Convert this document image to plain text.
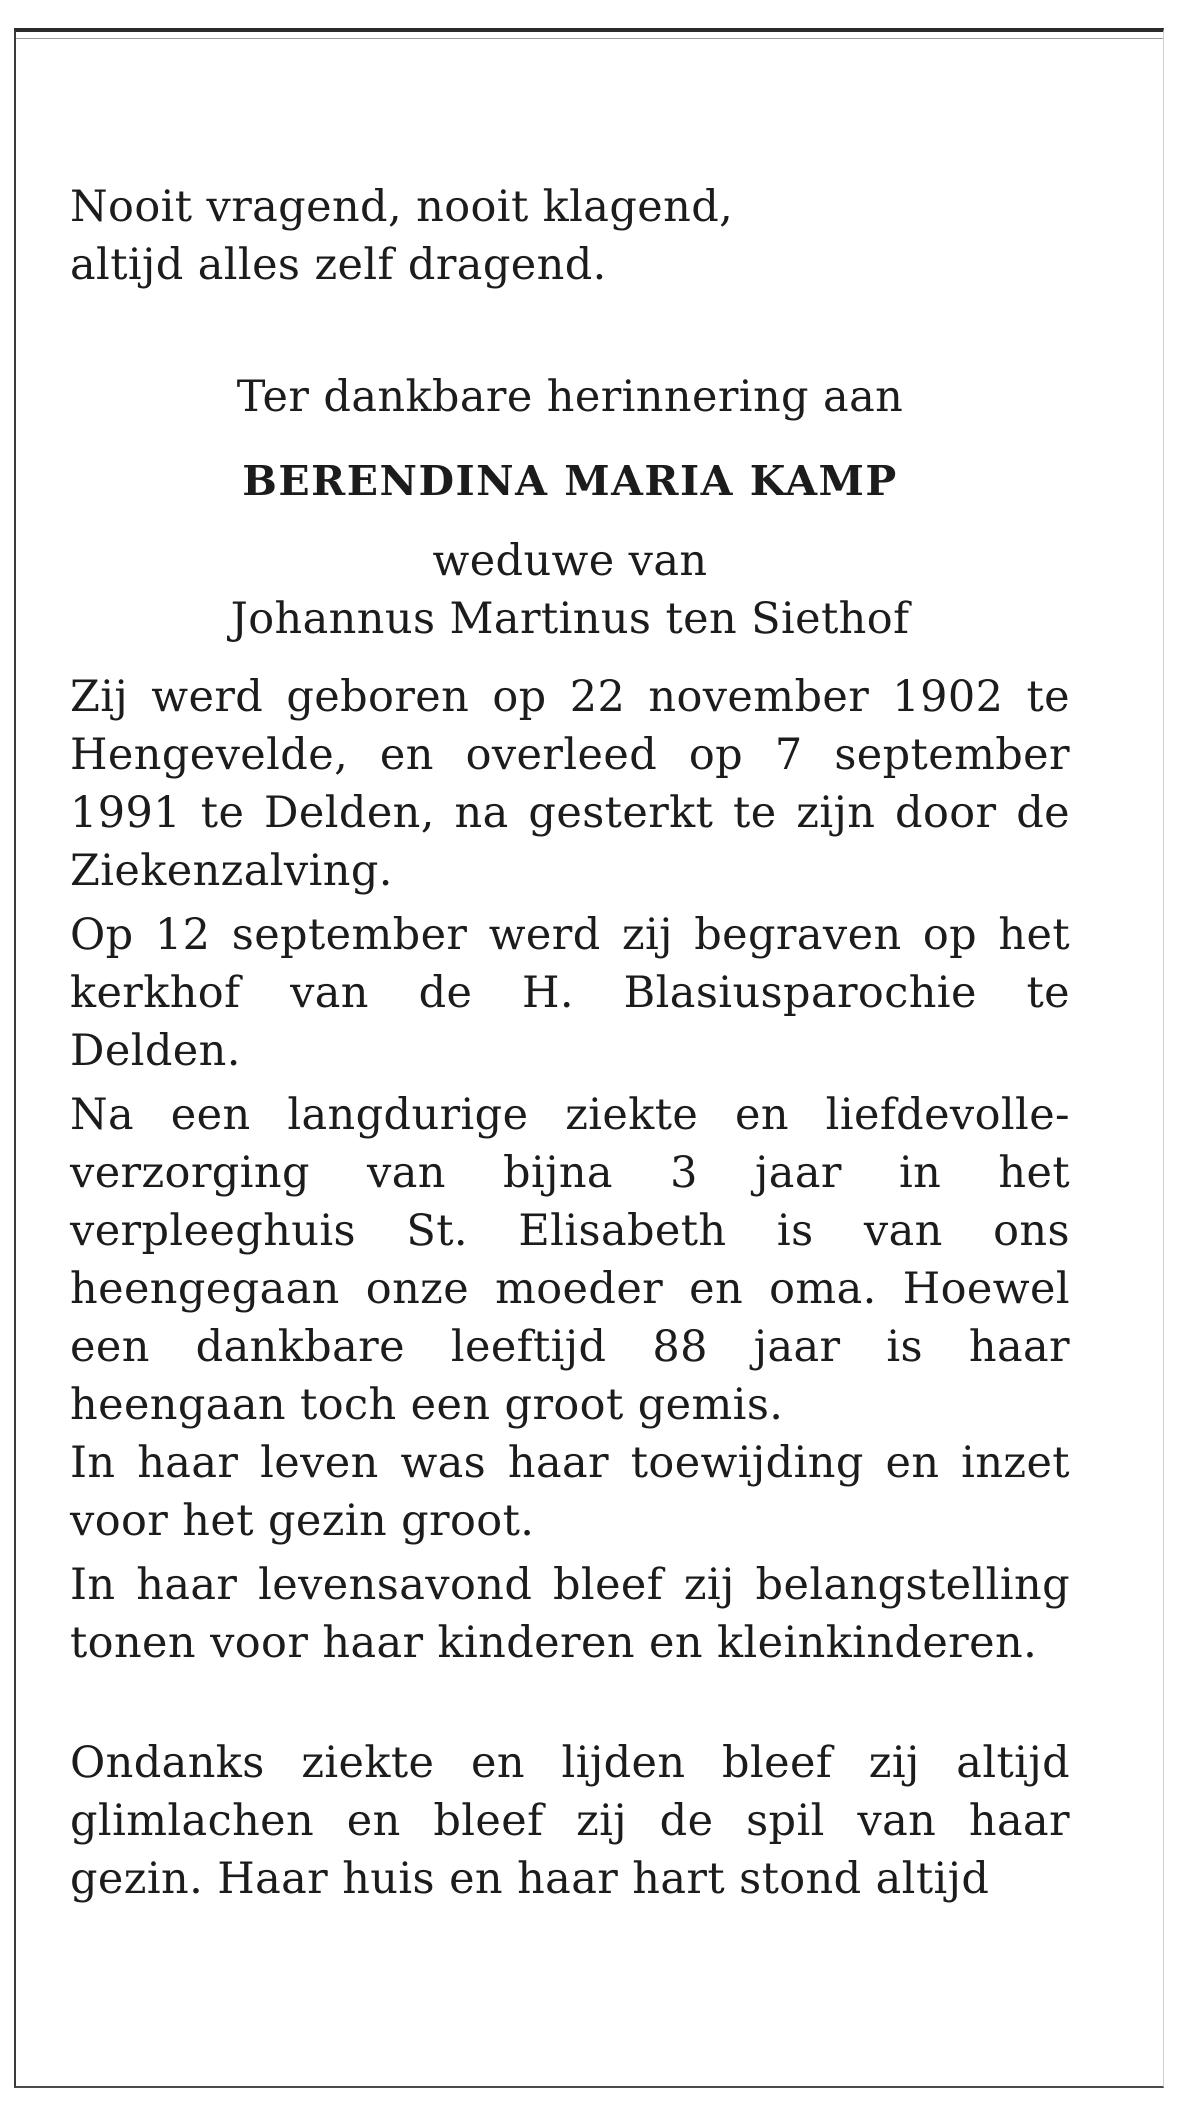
Nooit vragend, nooit klagend,
altijd alles zelf dragend.
Ter dankbare herinnering aan
BERENDINA MARIA KAMP
weduwe van
Johannus Martinus ten Siethof
Zij werd geboren op 22 november 1902 te Hengevelde, en overleed op 7 september 1991 te Delden, na gesterkt te zijn door de Ziekenzalving.
Op 12 september werd zij begraven op het kerkhof van de H. Blasiusparochie te Delden.
Na een langdurige ziekte en liefdevolle-verzorging van bijna 3 jaar in het verpleeghuis St. Elisabeth is van ons heengegaan onze moeder en oma. Hoewel een dankbare leeftijd 88 jaar is haar heengaan toch een groot gemis.
In haar leven was haar toewijding en inzet voor het gezin groot.
In haar levensavond bleef zij belangstelling tonen voor haar kinderen en kleinkinderen.
Ondanks ziekte en lijden bleef zij altijd glimlachen en bleef zij de spil van haar gezin. Haar huis en haar hart stond altijd
